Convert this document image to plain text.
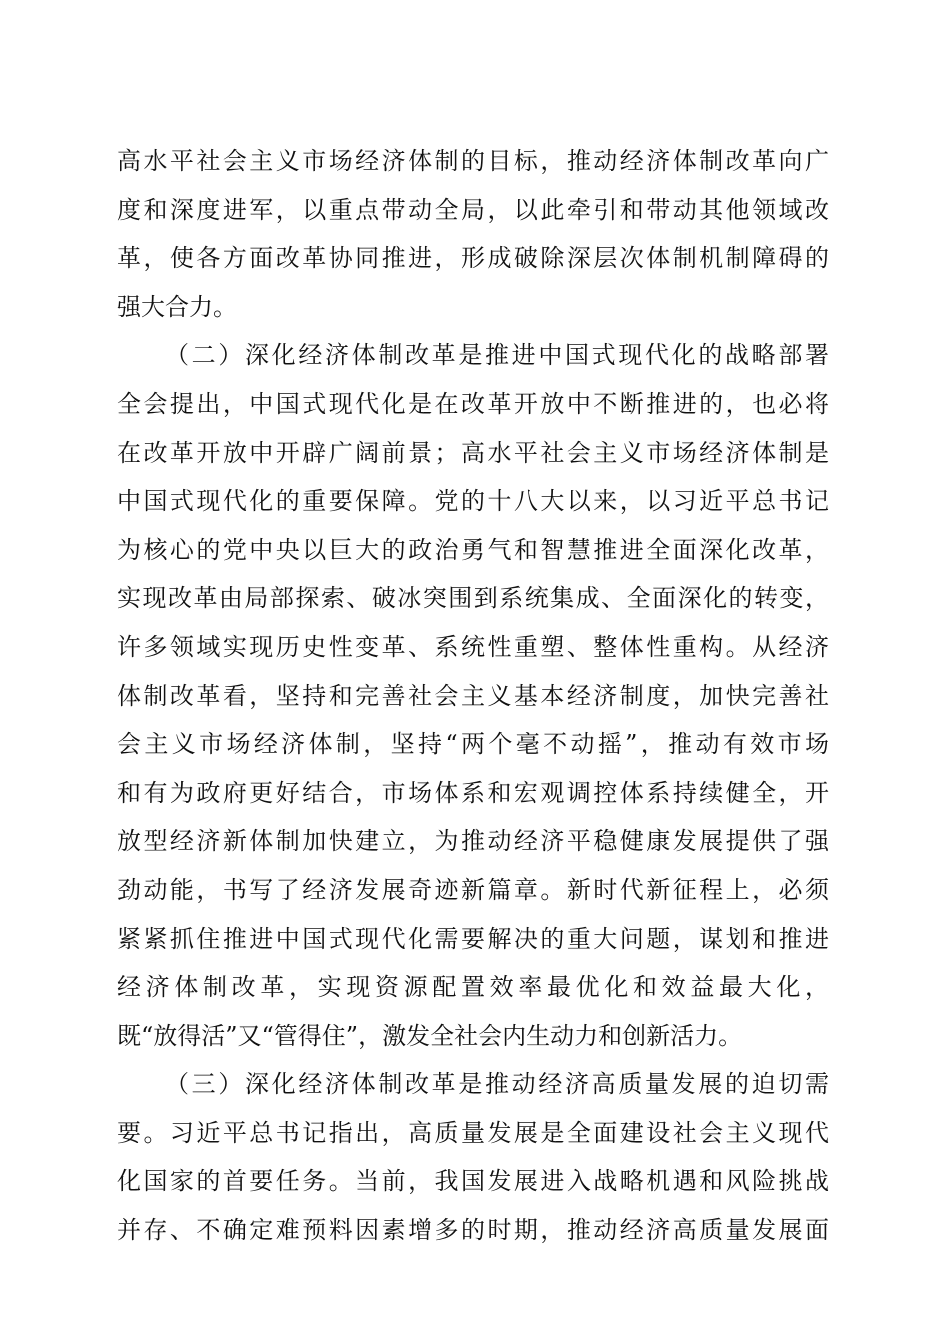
高水平社会主义市场经济体制的目标，推动经济体制改革向广
度和深度进军，以重点带动全局，以此牵引和带动其他领域改
革，使各方面改革协同推进，形成破除深层次体制机制障碍的
强大合力。
（二）深化经济体制改革是推进中国式现代化的战略部署
全会提出，中国式现代化是在改革开放中不断推进的，也必将
在改革开放中开辟广阔前景；高水平社会主义市场经济体制是
中国式现代化的重要保障。党的十八大以来，以习近平总书记
为核心的党中央以巨大的政治勇气和智慧推进全面深化改革，
实现改革由局部探索、破冰突围到系统集成、全面深化的转变，
许多领域实现历史性变革、系统性重塑、整体性重构。从经济
体制改革看，坚持和完善社会主义基本经济制度，加快完善社
会主义市场经济体制，坚持“两个毫不动摇”，推动有效市场
和有为政府更好结合，市场体系和宏观调控体系持续健全，开
放型经济新体制加快建立，为推动经济平稳健康发展提供了强
劲动能，书写了经济发展奇迹新篇章。新时代新征程上，必须
紧紧抓住推进中国式现代化需要解决的重大问题，谋划和推进
经济体制改革，实现资源配置效率最优化和效益最大化，
既“放得活”又“管得住”，激发全社会内生动力和创新活力。
（三）深化经济体制改革是推动经济高质量发展的迫切需
要。习近平总书记指出，高质量发展是全面建设社会主义现代
化国家的首要任务。当前，我国发展进入战略机遇和风险挑战
并存、不确定难预料因素增多的时期，推动经济高质量发展面
